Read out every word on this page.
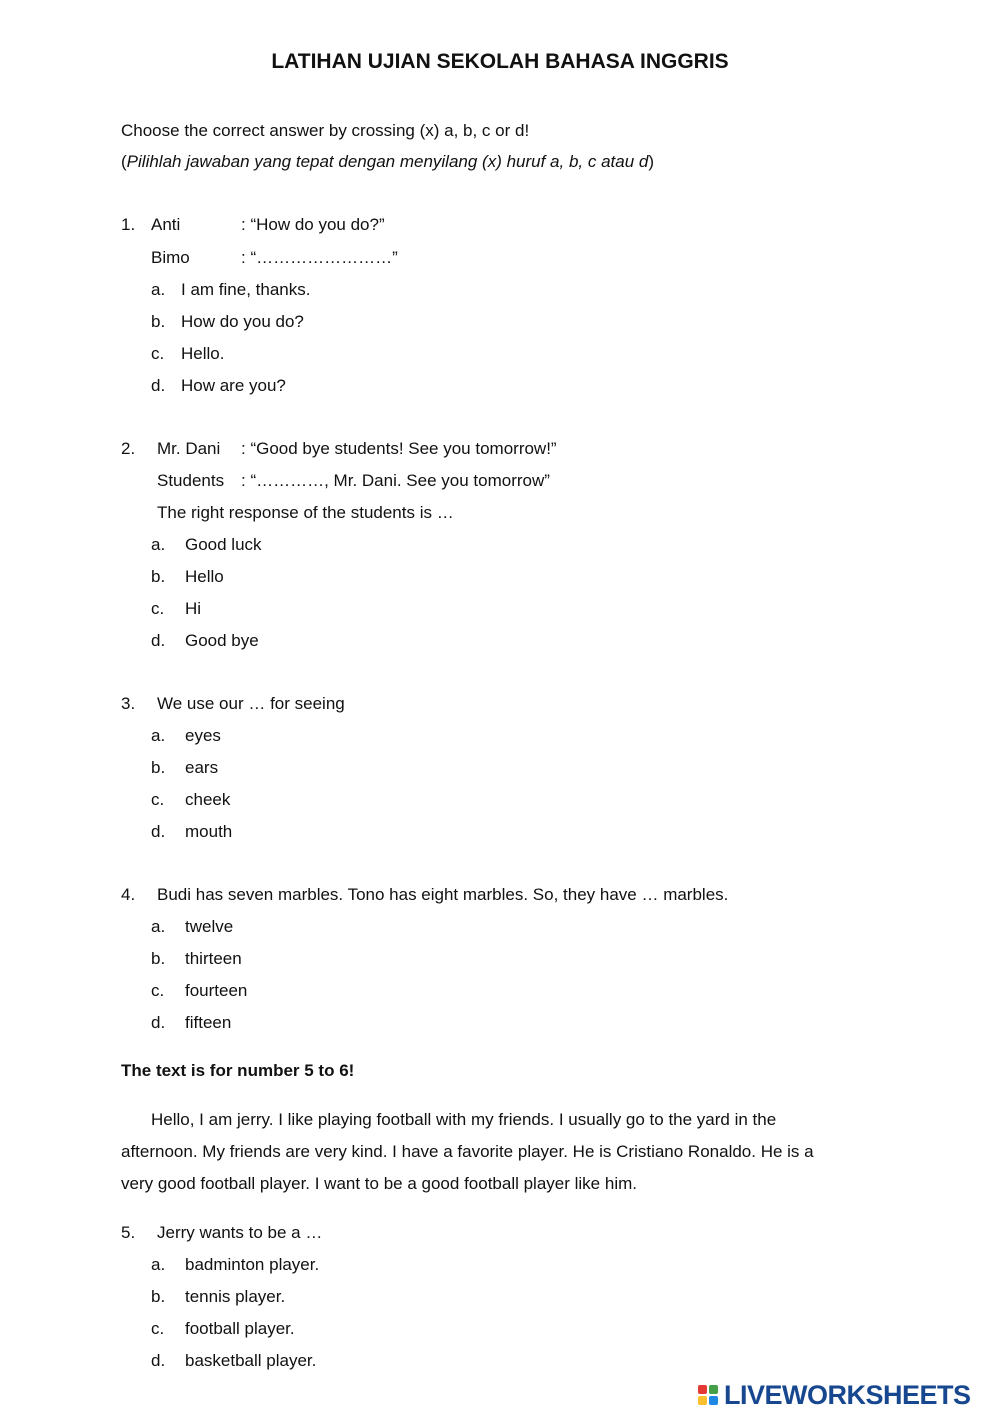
LATIHAN UJIAN SEKOLAH BAHASA INGGRIS
Choose the correct answer by crossing (x) a, b, c or d!
(Pilihlah jawaban yang tepat dengan menyilang (x) huruf a, b, c atau d)
1. Anti	: “How do you do?”
Bimo	: “……………………”
a. I am fine, thanks.
b. How do you do?
c. Hello.
d. How are you?
2. Mr. Dani : “Good bye students! See you tomorrow!”
Students : “…………, Mr. Dani. See you tomorrow”
The right response of the students is …
a. Good luck
b. Hello
c. Hi
d. Good bye
3. We use our … for seeing
a. eyes
b. ears
c. cheek
d. mouth
4. Budi has seven marbles. Tono has eight marbles. So, they have … marbles.
a. twelve
b. thirteen
c. fourteen
d. fifteen
The text is for number 5 to 6!
Hello, I am jerry. I like playing football with my friends. I usually go to the yard in the
afternoon. My friends are very kind. I have a favorite player. He is Cristiano Ronaldo. He is a
very good football player. I want to be a good football player like him.
5. Jerry wants to be a …
a. badminton player.
b. tennis player.
c. football player.
d. basketball player.
LIVEWORKSHEETS
